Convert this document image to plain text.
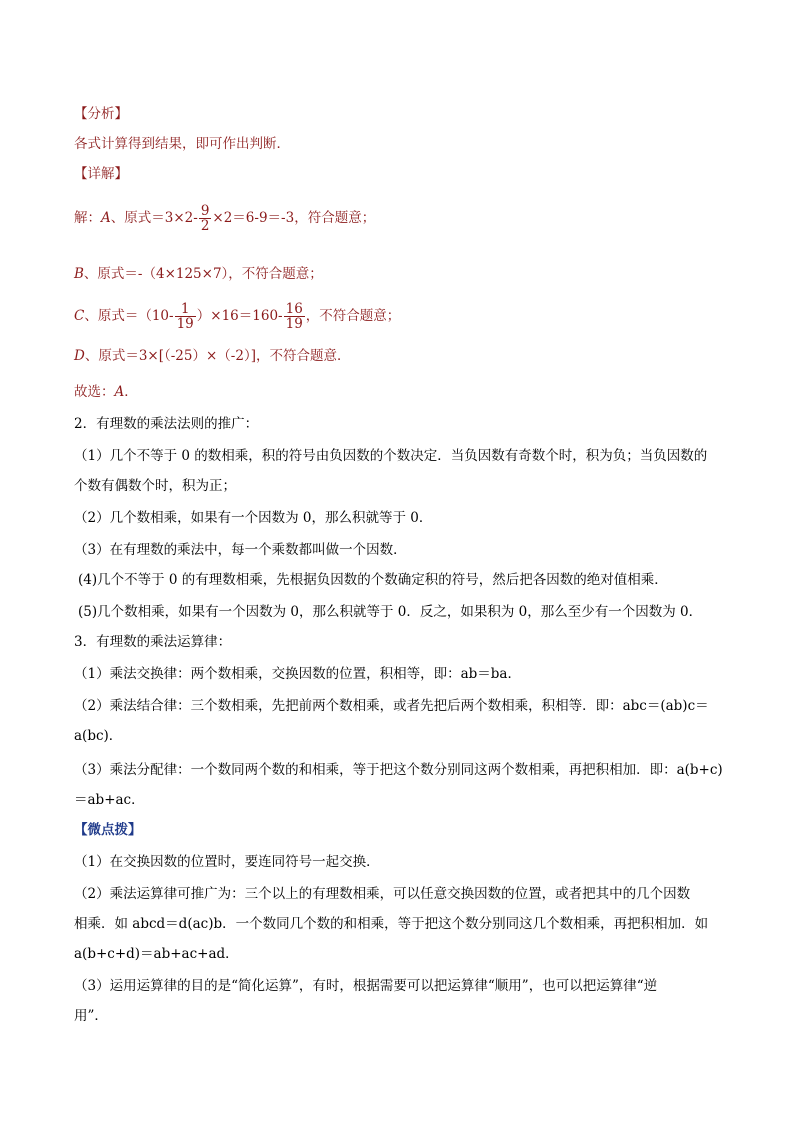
【分析】
各式计算得到结果，即可作出判断．
【详解】
解：A、原式$=3\times 2- \frac{9}{2} \times 2=6-9=-3$，符合题意；
B、原式＝-（4×125×7），不符合题意；
C、原式$=(10- \frac{1}{19} )\times 16=160- \frac{16}{19}$ ，不符合题意；
D、原式＝3×[（-25）×（-2）]，不符合题意．
故选：A．
2．有理数的乘法法则的推广：
（1）几个不等于 0 的数相乘，积的符号由负因数的个数决定．当负因数有奇数个时，积为负；当负因数的
个数有偶数个时，积为正；
（2）几个数相乘，如果有一个因数为 0，那么积就等于 0．
（3）在有理数的乘法中，每一个乘数都叫做一个因数．
(4)几个不等于 0 的有理数相乘，先根据负因数的个数确定积的符号，然后把各因数的绝对值相乘．
(5)几个数相乘，如果有一个因数为 0，那么积就等于 0．反之，如果积为 0，那么至少有一个因数为 0．
3．有理数的乘法运算律：
（1）乘法交换律：两个数相乘，交换因数的位置，积相等，即：ab＝ba．
（2）乘法结合律：三个数相乘，先把前两个数相乘，或者先把后两个数相乘，积相等．即：abc＝(ab)c＝
a(bc)．
（3）乘法分配律：一个数同两个数的和相乘，等于把这个数分别同这两个数相乘，再把积相加．即：a(b+c)
＝ab+ac．
【微点拨】
（1）在交换因数的位置时，要连同符号一起交换．
（2）乘法运算律可推广为：三个以上的有理数相乘，可以任意交换因数的位置，或者把其中的几个因数
相乘．如 abcd＝d(ac)b．一个数同几个数的和相乘，等于把这个数分别同这几个数相乘，再把积相加．如
a(b+c+d)＝ab+ac+ad．
（3）运用运算律的目的是“简化运算”，有时，根据需要可以把运算律“顺用”，也可以把运算律“逆
用”．
